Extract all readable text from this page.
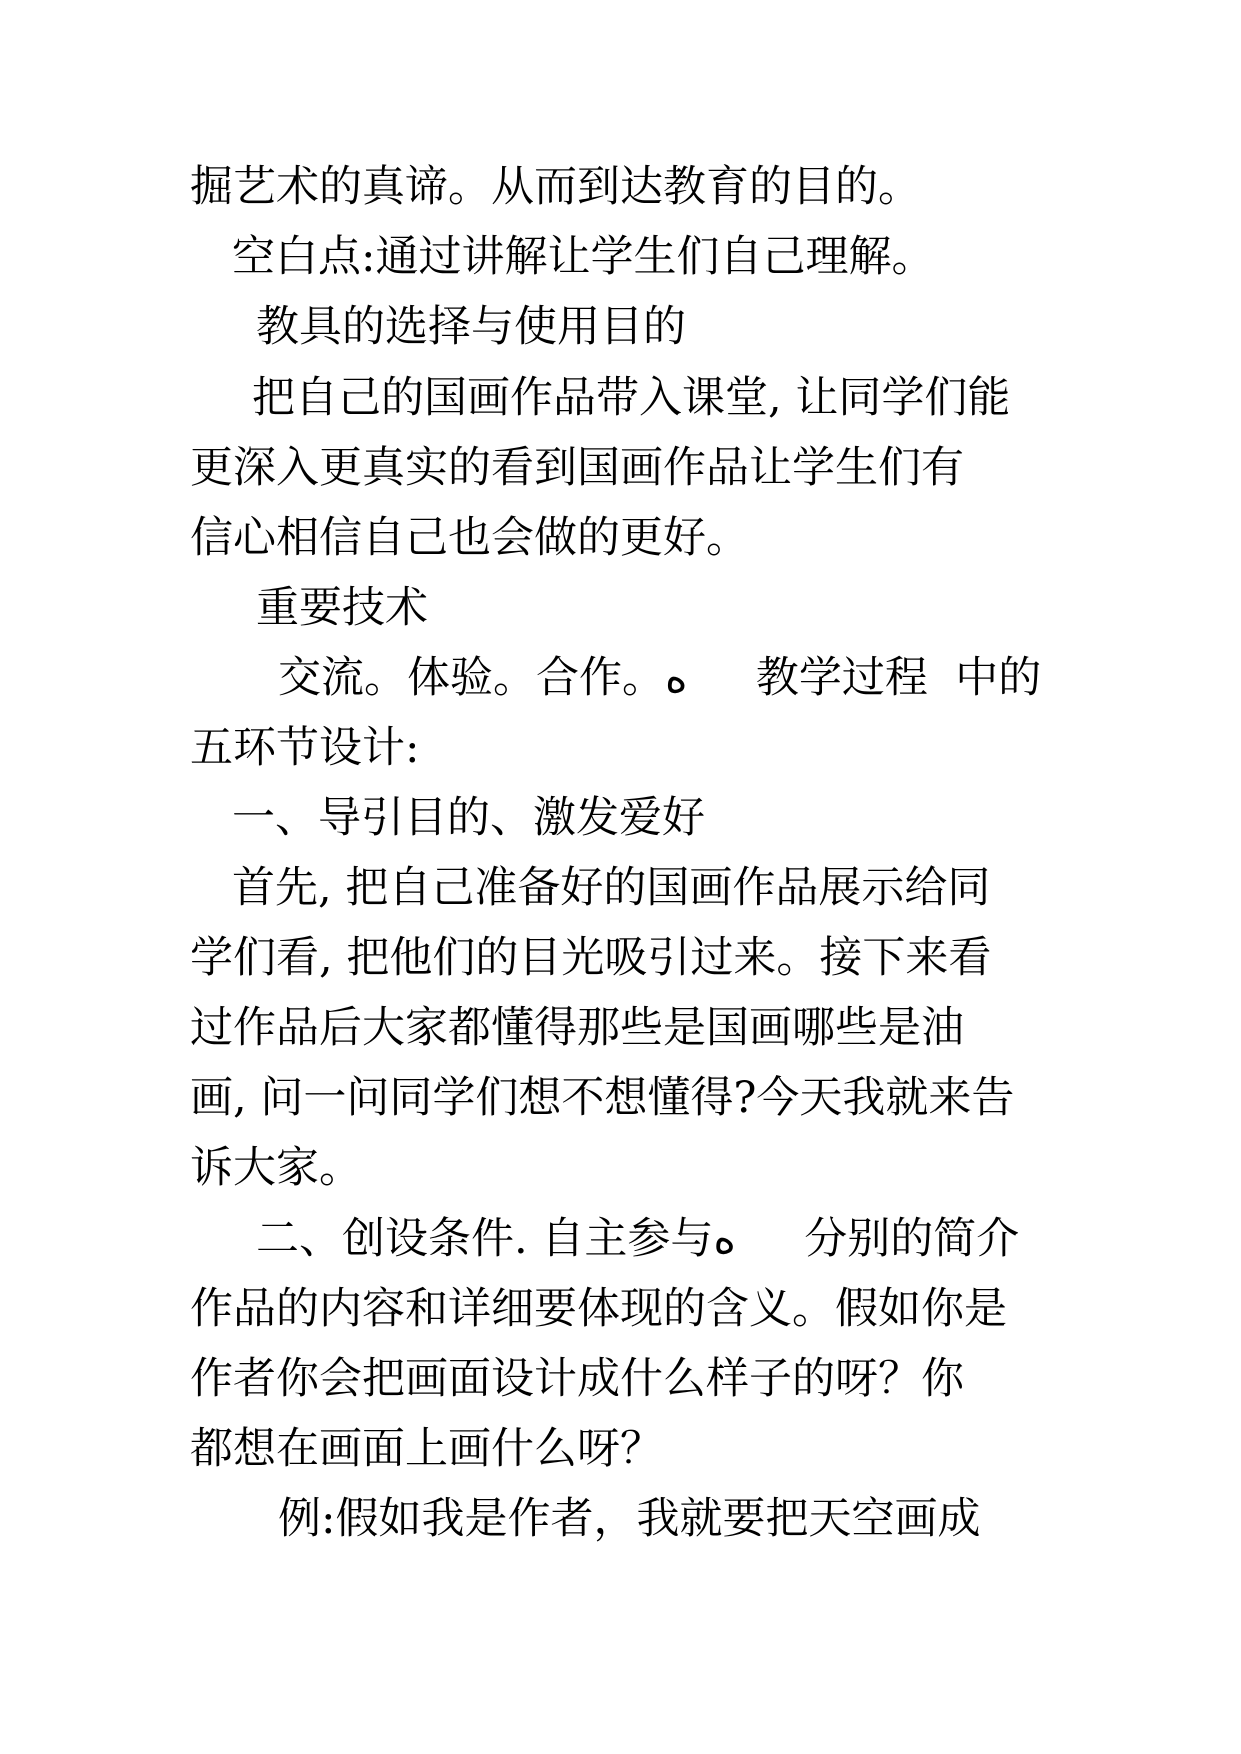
掘艺术的真谛。从而到达教育的目的。
空白点:通过讲解让学生们自己理解。
教具的选择与使用目的
把自己的国画作品带入课堂, 让同学们能
更深入更真实的看到国画作品让学生们有
信心相信自己也会做的更好。
重要技术
交流。体验。合作。ه     教学过程  中的
五环节设计:
一、导引目的、激发爱好
首先, 把自己准备好的国画作品展示给同
学们看, 把他们的目光吸引过来。接下来看
过作品后大家都懂得那些是国画哪些是油
画, 问一问同学们想不想懂得?今天我就来告
诉大家。
二、创设条件. 自主参与ه     分别的简介
作品的内容和详细要体现的含义。假如你是
作者你会把画面设计成什么样子的呀？你
都想在画面上画什么呀？
例:假如我是作者，我就要把天空画成
